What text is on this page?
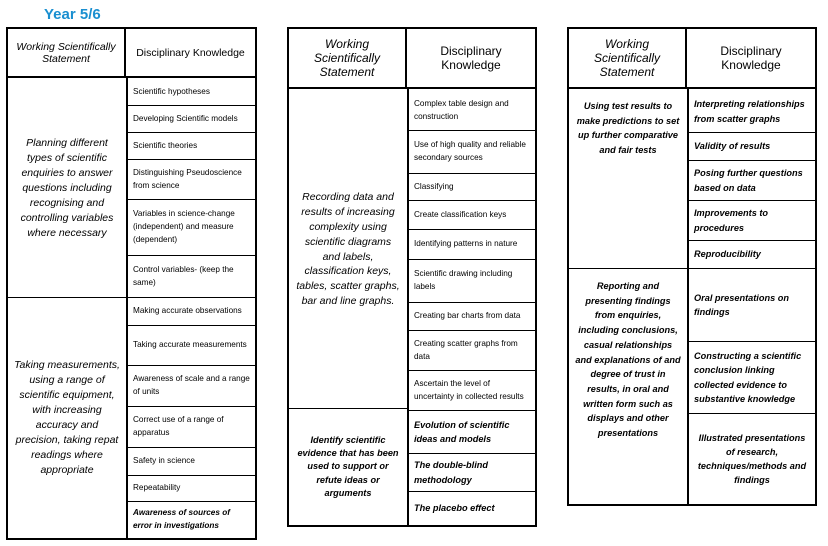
Year 5/6
Working Scientifically Statement	Disciplinary Knowledge
Planning different types of scientific enquiries to answer questions including recognising and controlling variables where necessary
Taking measurements, using a range of scientific equipment, with increasing accuracy and precision, taking repat readings where appropriate
Scientific hypotheses
Developing Scientific models
Scientific theories
Distinguishing Pseudoscience from science
Variables in science-change (independent) and measure (dependent)
Control variables- (keep the same)
Making accurate observations
Taking accurate measurements
Awareness of scale and a range of units
Correct use of a range of apparatus
Safety in science
Repeatability
Awareness of sources of error in investigations
Working Scientifically Statement
Disciplinary Knowledge
Recording data and results of increasing complexity using scientific diagrams and labels, classification keys, tables, scatter graphs, bar and line graphs.
Identify scientific evidence that has been used to support or refute ideas or arguments
Complex table design and construction
Use of high quality and reliable secondary sources
Classifying
Create classification keys
Identifying patterns in nature
Scientific drawing including labels
Creating bar charts from data
Creating scatter graphs from data
Ascertain the level of uncertainty in collected results
Evolution of scientific ideas and models
The double-blind methodology
The placebo effect
Working Scientifically Statement
Disciplinary Knowledge
Using test results to make predictions to set up further comparative and fair tests
Reporting and presenting findings from enquiries, including conclusions, casual relationships and explanations of and degree of trust in results, in oral and written form such as displays and other presentations
Interpreting relationships from scatter graphs
Validity of results
Posing further questions based on data
Improvements to procedures
Reproducibility
Oral presentations on findings
Constructing a scientific conclusion linking collected evidence to substantive knowledge
Illustrated presentations of research, techniques/methods and findings
